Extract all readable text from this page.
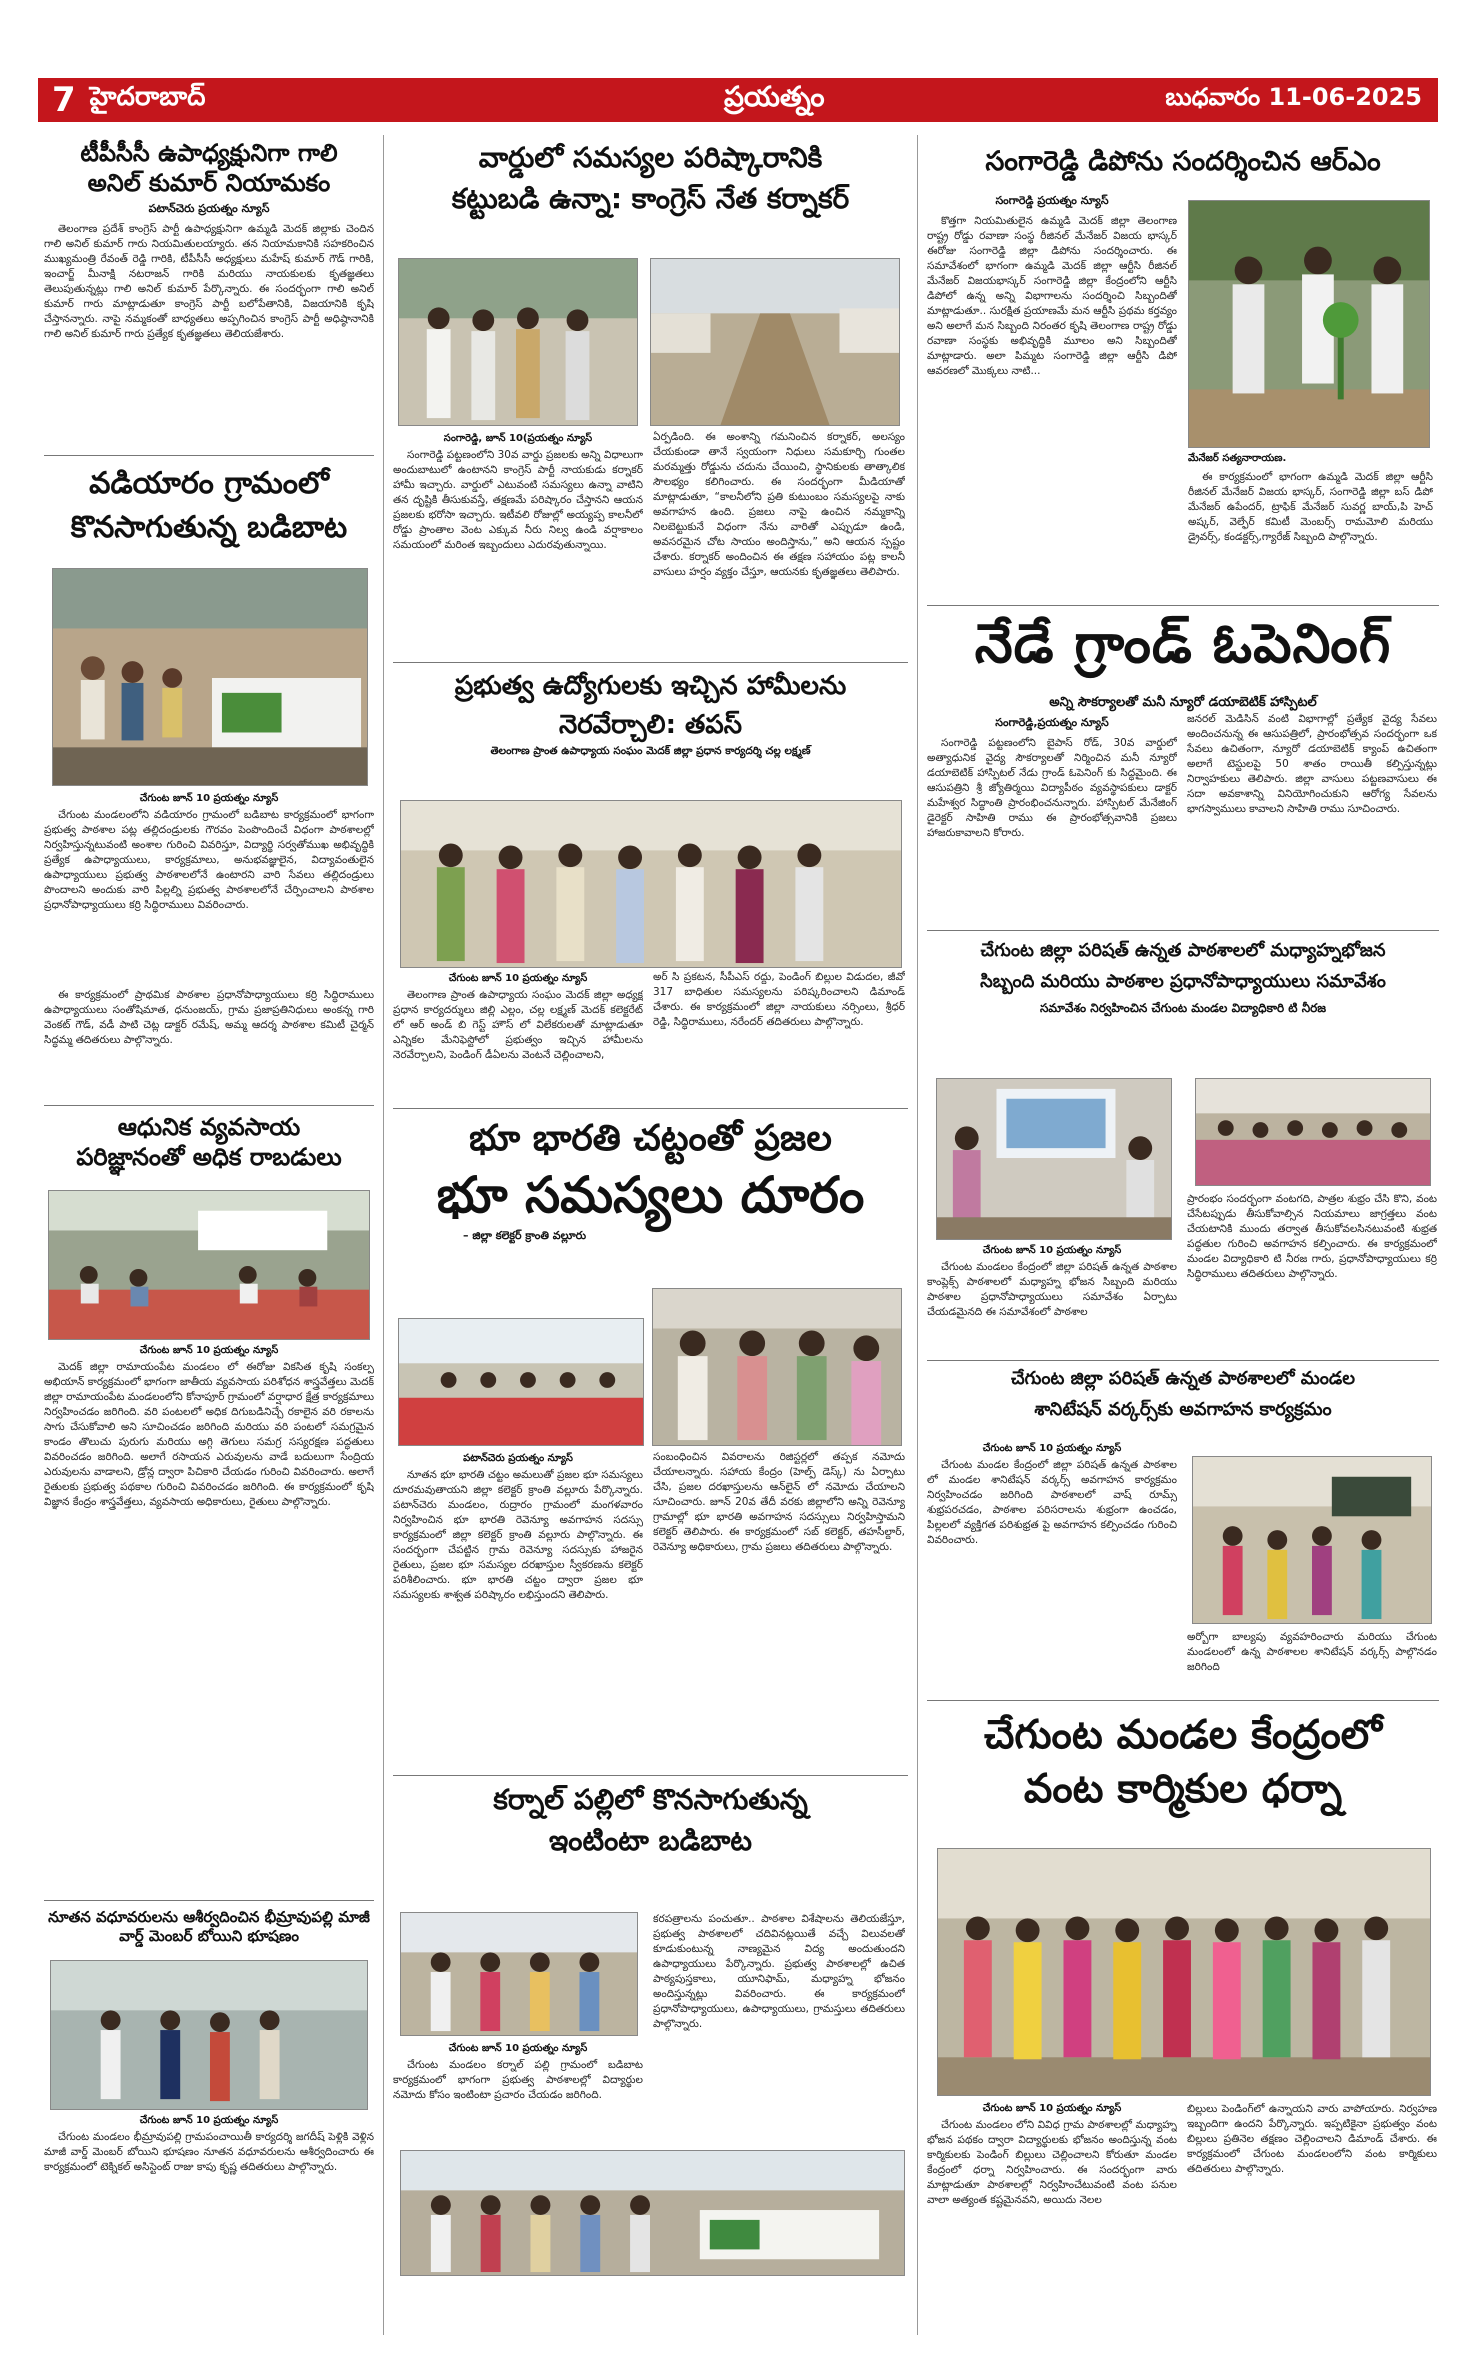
7 హైదరాబాద్	ప్రయత్నం	బుధవారం 11-06-2025
టీపీసీసీ ఉపాధ్యక్షునిగా గాలి
అనిల్ కుమార్ నియామకం
పటాన్‌చెరు ప్రయత్నం న్యూస్
తెలంగాణ ప్రదేశ్ కాంగ్రెస్ పార్టీ ఉపాధ్యక్షునిగా ఉమ్మడి మెదక్ జిల్లాకు చెందిన గాలి అనిల్ కుమార్ గారు నియమితులయ్యారు. తన నియామకానికి సహకరించిన ముఖ్యమంత్రి రేవంత్ రెడ్డి గారికి, టీపీసీసీ అధ్యక్షులు మహేష్ కుమార్ గౌడ్ గారికి, ఇంచార్జ్ మీనాక్షి నటరాజన్ గారికి మరియు నాయకులకు కృతజ్ఞతలు తెలుపుతున్నట్లు గాలి అనిల్ కుమార్ పేర్కొన్నారు. ఈ సందర్భంగా గాలి అనిల్ కుమార్ గారు మాట్లాడుతూ కాంగ్రెస్ పార్టీ బలోపేతానికి, విజయానికి కృషి చేస్తానన్నారు. నాపై నమ్మకంతో బాధ్యతలు అప్పగించిన కాంగ్రెస్ పార్టీ అధిష్ఠానానికి గాలి అనిల్ కుమార్ గారు ప్రత్యేక కృతజ్ఞతలు తెలియజేశారు.
వడియారం గ్రామంలో
కొనసాగుతున్న బడిబాట
చేగుంట జూన్ 10 ప్రయత్నం న్యూస్
చేగుంట మండలంలోని వడియారం గ్రామంలో బడిబాట కార్యక్రమంలో భాగంగా ప్రభుత్వ పాఠశాల పట్ల తల్లిదండ్రులకు గౌరవం పెంపొందించే విధంగా పాఠశాలల్లో నిర్వహిస్తున్నటువంటి అంశాల గురించి వివరిస్తూ, విద్యార్థి సర్వతోముఖ అభివృద్ధికి ప్రత్యేక ఉపాధ్యాయులు, కార్యక్రమాలు, అనుభవజ్ఞులైన, విద్యావంతులైన ఉపాధ్యాయులు ప్రభుత్వ పాఠశాలలోనే ఉంటారని వారి సేవలు తల్లిదండ్రులు పొందాలని అందుకు వారి పిల్లల్ని ప్రభుత్వ పాఠశాలలోనే చేర్పించాలని పాఠశాల ప్రధానోపాధ్యాయులు కర్రి సిద్ధిరాములు వివరించారు.
ఈ కార్యక్రమంలో ప్రాథమిక పాఠశాల ప్రధానోపాధ్యాయులు కర్రి సిద్ధిరాములు ఉపాధ్యాయులు సంతోషిమాత, ధనుంజయ్, గ్రామ ప్రజాప్రతినిధులు అంకన్న గారి వెంకట్ గౌడ్, వడీ పాటి చెట్ల డాక్టర్ రమేష్, అమ్మ ఆదర్శ పాఠశాల కమిటీ చైర్మన్ సిద్ధమ్మ తదితరులు పాల్గొన్నారు.
ఆధునిక వ్యవసాయ
పరిజ్ఞానంతో అధిక రాబడులు
చేగుంట జూన్ 10 ప్రయత్నం న్యూస్
మెదక్ జిల్లా రామాయంపేట మండలం లో ఈరోజు వికసిత కృషి సంకల్ప అభియాన్ కార్యక్రమంలో భాగంగా జాతీయ వ్యవసాయ పరిశోధన శాస్త్రవేత్తలు మెదక్ జిల్లా రామాయంపేట మండలంలోని కోనాపూర్ గ్రామంలో వర్షాధార క్షేత్ర కార్యక్రమాలు నిర్వహించడం జరిగింది. వరి పంటలలో అధిక దిగుబడినిచ్చే రకాలైన వరి రకాలను సాగు చేసుకోవాలి అని సూచించడం జరిగింది మరియు వరి పంటలో సమగ్రమైన కాండం తొలుచు పురుగు మరియు అగ్గి తెగులు సమగ్ర సస్యరక్షణ పద్ధతులు వివరించడం జరిగింది. అలాగే రసాయన ఎరువులను వాడే బదులుగా సేంద్రియ ఎరువులను వాడాలని, డ్రోన్ల ద్వారా పిచికారి చేయడం గురించి వివరించారు. అలాగే రైతులకు ప్రభుత్వ పథకాల గురించి వివరించడం జరిగింది. ఈ కార్యక్రమంలో కృషి విజ్ఞాన కేంద్రం శాస్త్రవేత్తలు, వ్యవసాయ అధికారులు, రైతులు పాల్గొన్నారు.
నూతన వధూవరులను ఆశీర్వదించిన భీమ్రావుపల్లి మాజీ వార్డ్ మెంబర్ బోయిని భూషణం
చేగుంట జూన్ 10 ప్రయత్నం న్యూస్
చేగుంట మండలం భీమ్రావుపల్లి గ్రామపంచాయితీ కార్యదర్శి జగదీష్ పెళ్లికి వెళ్లిన మాజీ వార్డ్ మెంబర్ బోయిని భూషణం నూతన వధూవరులను ఆశీర్వదించారు ఈ కార్యక్రమంలో టెక్నికల్ అసిస్టెంట్ రాజు కాపు కృష్ణ తదితరులు పాల్గొన్నారు.
వార్డులో సమస్యల పరిష్కారానికి
కట్టుబడి ఉన్నా: కాంగ్రెస్ నేత కర్నాకర్
సంగారెడ్డి, జూన్ 10(ప్రయత్నం న్యూస్
సంగారెడ్డి పట్టణంలోని 30వ వార్డు ప్రజలకు అన్ని విధాలుగా అందుబాటులో ఉంటానని కాంగ్రెస్ పార్టీ నాయకుడు కర్నాకర్ హామీ ఇచ్చారు. వార్డులో ఎటువంటి సమస్యలు ఉన్నా వాటిని తన దృష్టికి తీసుకువస్తే, తక్షణమే పరిష్కారం చేస్తానని ఆయన ప్రజలకు భరోసా ఇచ్చారు. ఇటీవలి రోజుల్లో అయ్యప్ప కాలనీలో రోడ్డు ప్రాంతాల వెంట ఎక్కువ నీరు నిల్వ ఉండి వర్షాకాలం సమయంలో మరింత ఇబ్బందులు ఎదురవుతున్నాయి.
ఏర్పడింది. ఈ అంశాన్ని గమనించిన కర్నాకర్, అలస్యం చేయకుండా తానే స్వయంగా నిధులు సమకూర్చి గుంతల మరమ్మత్తు రోడ్డును చదును చేయించి, స్థానికులకు తాత్కాలిక సౌలభ్యం కలిగించారు. ఈ సందర్భంగా మీడియాతో మాట్లాడుతూ, “కాలనీలోని ప్రతి కుటుంబం సమస్యలపై నాకు అవగాహన ఉంది. ప్రజలు నాపై ఉంచిన నమ్మకాన్ని నిలబెట్టుకునే విధంగా నేను వారితో ఎప్పుడూ ఉండి, అవసరమైన చోట సాయం అందిస్తాను,” అని ఆయన స్పష్టం చేశారు. కర్నాకర్ అందించిన ఈ తక్షణ సహాయం పట్ల కాలనీ వాసులు హర్షం వ్యక్తం చేస్తూ, ఆయనకు కృతజ్ఞతలు తెలిపారు.
ప్రభుత్వ ఉద్యోగులకు ఇచ్చిన హామీలను
నెరవేర్చాలి: తపస్
తెలంగాణ ప్రాంత ఉపాధ్యాయ సంఘం మెదక్ జిల్లా ప్రధాన కార్యదర్శి చల్ల లక్ష్మణ్
చేగుంట జూన్ 10 ప్రయత్నం న్యూస్
తెలంగాణ ప్రాంత ఉపాధ్యాయ సంఘం మెదక్ జిల్లా అధ్యక్ష ప్రధాన కార్యదర్శులు జిల్లి ఎల్లం, చల్ల లక్ష్మణ్ మెదక్ కలెక్టరేట్ లో ఆర్ అండ్ బి గెస్ట్ హౌస్ లో విలేకరులతో మాట్లాడుతూ ఎన్నికల మేనిఫెస్టోలో ప్రభుత్వం ఇచ్చిన హామీలను నెరవేర్చాలని, పెండింగ్ డీఏలను వెంటనే చెల్లించాలని,
అర్ సి ప్రకటన, సీపీఎస్ రద్దు, పెండింగ్ బిల్లుల విడుదల, జీవో 317 బాధితుల సమస్యలను పరిష్కరించాలని డిమాండ్ చేశారు. ఈ కార్యక్రమంలో జిల్లా నాయకులు నర్సింలు, శ్రీధర్ రెడ్డి, సిద్ధిరాములు, నరేందర్ తదితరులు పాల్గొన్నారు.
భూ భారతి చట్టంతో ప్రజల
భూ సమస్యలు దూరం
– జిల్లా కలెక్టర్ క్రాంతి వల్లూరు
పటాన్‌చెరు ప్రయత్నం న్యూస్
నూతన భూ భారతి చట్టం అమలుతో ప్రజల భూ సమస్యలు దూరమవుతాయని జిల్లా కలెక్టర్ క్రాంతి వల్లూరు పేర్కొన్నారు. పటాన్‌చెరు మండలం, రుద్రారం గ్రామంలో మంగళవారం నిర్వహించిన భూ భారతి రెవెన్యూ అవగాహన సదస్సు కార్యక్రమంలో జిల్లా కలెక్టర్ క్రాంతి వల్లూరు పాల్గొన్నారు. ఈ సందర్భంగా చేపట్టిన గ్రామ రెవెన్యూ సదస్సుకు హాజరైన రైతులు, ప్రజల భూ సమస్యల దరఖాస్తుల స్వీకరణను కలెక్టర్ పరిశీలించారు. భూ భారతి చట్టం ద్వారా ప్రజల భూ సమస్యలకు శాశ్వత పరిష్కారం లభిస్తుందని తెలిపారు.
సంబంధించిన వివరాలను రిజిస్టర్లలో తప్పక నమోదు చేయాలన్నారు. సహాయ కేంద్రం (హెల్ప్ డెస్క్) ను ఏర్పాటు చేసి, ప్రజల దరఖాస్తులను ఆన్‌లైన్ లో నమోదు చేయాలని సూచించారు. జూన్ 20వ తేదీ వరకు జిల్లాలోని అన్ని రెవెన్యూ గ్రామాల్లో భూ భారతి అవగాహన సదస్సులు నిర్వహిస్తామని కలెక్టర్ తెలిపారు. ఈ కార్యక్రమంలో సబ్ కలెక్టర్, తహసీల్దార్, రెవెన్యూ అధికారులు, గ్రామ ప్రజలు తదితరులు పాల్గొన్నారు.
కర్నాల్ పల్లిలో కొనసాగుతున్న
ఇంటింటా బడిబాట
చేగుంట జూన్ 10 ప్రయత్నం న్యూస్
చేగుంట మండలం కర్నాల్ పల్లి గ్రామంలో బడిబాట కార్యక్రమంలో భాగంగా ప్రభుత్వ పాఠశాలల్లో విద్యార్థుల నమోదు కోసం ఇంటింటా ప్రచారం చేయడం జరిగింది.
కరపత్రాలను పంచుతూ.. పాఠశాల విశేషాలను తెలియజేస్తూ, ప్రభుత్వ పాఠశాలలో చదివినట్లయితే వచ్చే విలువలతో కూడుకుంటున్న నాణ్యమైన విద్య అందుతుందని ఉపాధ్యాయులు పేర్కొన్నారు. ప్రభుత్వ పాఠశాలల్లో ఉచిత పాఠ్యపుస్తకాలు, యూనిఫామ్, మధ్యాహ్న భోజనం అందిస్తున్నట్లు వివరించారు. ఈ కార్యక్రమంలో ప్రధానోపాధ్యాయులు, ఉపాధ్యాయులు, గ్రామస్తులు తదితరులు పాల్గొన్నారు.
సంగారెడ్డి డిపోను సందర్శించిన ఆర్ఎం
సంగారెడ్డి ప్రయత్నం న్యూస్
కొత్తగా నియమితులైన ఉమ్మడి మెదక్ జిల్లా తెలంగాణ రాష్ట్ర రోడ్డు రవాణా సంస్థ రీజినల్ మేనేజర్ విజయ భాస్కర్ ఈరోజు సంగారెడ్డి జిల్లా డిపోను సందర్శించారు. ఈ సమావేశంలో భాగంగా ఉమ్మడి మెదక్ జిల్లా ఆర్టీసి రీజినల్ మేనేజర్ విజయభాస్కర్ సంగారెడ్డి జిల్లా కేంద్రంలోని ఆర్టీసి డిపోలో ఉన్న అన్ని విభాగాలను సందర్శించి సిబ్బందితో మాట్లాడుతూ.. సురక్షిత ప్రయాణమే మన ఆర్టీసి ప్రథమ కర్తవ్యం అని అలాగే మన సిబ్బంది నిరంతర కృషి తెలంగాణ రాష్ట్ర రోడ్డు రవాణా సంస్థకు అభివృద్ధికి మూలం అని సిబ్బందితో మాట్లాడారు. అలా పిమ్మట సంగారెడ్డి జిల్లా ఆర్టీసి డిపో ఆవరణలో మొక్కలు నాటి...
మేనేజర్ సత్యనారాయణ.
ఈ కార్యక్రమంలో భాగంగా ఉమ్మడి మెదక్ జిల్లా ఆర్టీసి రీజినల్ మేనేజర్ విజయ భాస్కర్, సంగారెడ్డి జిల్లా బస్ డిపో మేనేజర్ ఉపేందర్, ట్రాఫిక్ మేనేజర్ సువర్ణ బాయ్,పి హెచ్ అష్కర్, వెల్ఫేర్ కమిటీ మెంబర్స్ రామమోలి మరియు డ్రైవర్స్, కండక్టర్స్,గ్యారేజ్ సిబ్బంది పాల్గొన్నారు.
నేడే గ్రాండ్ ఓపెనింగ్
అన్ని సౌకర్యాలతో మనీ న్యూరో డయాబెటిక్ హాస్పిటల్
సంగారెడ్డి,ప్రయత్నం న్యూస్
సంగారెడ్డి పట్టణంలోని బైపాస్ రోడ్, 30వ వార్డులో అత్యాధునిక వైద్య సౌకర్యాలతో నిర్మించిన మనీ న్యూరో డయాబెటిక్ హాస్పిటల్ నేడు గ్రాండ్ ఓపెనింగ్ కు సిద్ధమైంది. ఈ ఆసుపత్రిని శ్రీ జ్యోతిర్మయి విద్యాపీఠం వ్యవస్థాపకులు డాక్టర్ మహేశ్వర సిద్ధాంతి ప్రారంభించనున్నారు. హాస్పిటల్ మేనేజింగ్ డైరెక్టర్ సాహితి రాము ఈ ప్రారంభోత్సవానికి ప్రజలు హాజరుకావాలని కోరారు.
జనరల్ మెడిసిన్ వంటి విభాగాల్లో ప్రత్యేక వైద్య సేవలు అందించనున్న ఈ ఆసుపత్రిలో, ప్రారంభోత్సవ సందర్భంగా ఒక సేవలు ఉచితంగా, న్యూరో డయాబెటిక్ క్యాంప్ ఉచితంగా అలాగే టెస్టులపై 50 శాతం రాయితీ కల్పిస్తున్నట్లు నిర్వాహకులు తెలిపారు. జిల్లా వాసులు పట్టణవాసులు ఈ సదా అవకాశాన్ని వినియోగించుకుని ఆరోగ్య సేవలను భాగస్వాములు కావాలని సాహితి రాము సూచించారు.
చేగుంట జిల్లా పరిషత్ ఉన్నత పాఠశాలలో మధ్యాహ్నభోజన
సిబ్బంది మరియు పాఠశాల ప్రధానోపాధ్యాయులు సమావేశం
సమావేశం నిర్వహించిన చేగుంట మండల విద్యాధికారి టి నీరజ
చేగుంట జూన్ 10 ప్రయత్నం న్యూస్
చేగుంట మండలం కేంద్రంలో జిల్లా పరిషత్ ఉన్నత పాఠశాల కాంప్లెక్స్ పాఠశాలలో మధ్యాహ్న భోజన సిబ్బంది మరియు పాఠశాల ప్రధానోపాధ్యాయులు సమావేశం ఏర్పాటు చేయడమైనది ఈ సమావేశంలో పాఠశాల
ప్రారంభం సందర్భంగా వంటగది, పాత్రల శుభ్రం చేసి కొని, వంట చేసేటప్పుడు తీసుకోవాల్సిన నియమాలు జాగ్రత్తలు వంట చేయటానికి ముందు తర్వాత తీసుకోవలసినటువంటి శుభ్రత పద్ధతుల గురించి అవగాహన కల్పించారు. ఈ కార్యక్రమంలో మండల విద్యాధికారి టి నీరజ గారు, ప్రధానోపాధ్యాయులు కర్రి సిద్ధిరాములు తదితరులు పాల్గొన్నారు.
చేగుంట జిల్లా పరిషత్ ఉన్నత పాఠశాలలో మండల
శానిటేషన్ వర్కర్స్‌కు అవగాహన కార్యక్రమం
చేగుంట జూన్ 10 ప్రయత్నం న్యూస్
చేగుంట మండల కేంద్రంలో జిల్లా పరిషత్ ఉన్నత పాఠశాల లో మండల శానిటేషన్ వర్కర్స్ అవగాహన కార్యక్రమం నిర్వహించడం జరిగింది పాఠశాలలో వాష్ రూమ్స్ శుభ్రపరచడం, పాఠశాల పరిసరాలను శుభ్రంగా ఉంచడం, పిల్లలలో వ్యక్తిగత పరిశుభ్రత పై అవగాహన కల్పించడం గురించి వివరించారు.
అర్బోగా బాల్యపు వ్యవహరించారు మరియు చేగుంట మండలంలో ఉన్న పాఠశాలల శానిటేషన్ వర్కర్స్ పాల్గొనడం జరిగింది
చేగుంట మండల కేంద్రంలో
వంట కార్మికుల ధర్నా
చేగుంట జూన్ 10 ప్రయత్నం న్యూస్
చేగుంట మండలం లోని వివిధ గ్రామ పాఠశాలల్లో మధ్యాహ్న భోజన పథకం ద్వారా విద్యార్థులకు భోజనం అందిస్తున్న వంట కార్మికులకు పెండింగ్ బిల్లులు చెల్లించాలని కోరుతూ మండల కేంద్రంలో ధర్నా నిర్వహించారు. ఈ సందర్భంగా వారు మాట్లాడుతూ పాఠశాలల్లో నిర్వహించేటువంటి వంట పనుల వాలా అత్యంత కష్టమైనవని, అయిదు నెలల
బిల్లులు పెండింగ్‌లో ఉన్నాయని వారు వాపోయారు. నిర్వహణ ఇబ్బందిగా ఉందని పేర్కొన్నారు. ఇప్పటికైనా ప్రభుత్వం వంట బిల్లులు ప్రతినెల తక్షణం చెల్లించాలని డిమాండ్ చేశారు. ఈ కార్యక్రమంలో చేగుంట మండలంలోని వంట కార్మికులు తదితరులు పాల్గొన్నారు.
